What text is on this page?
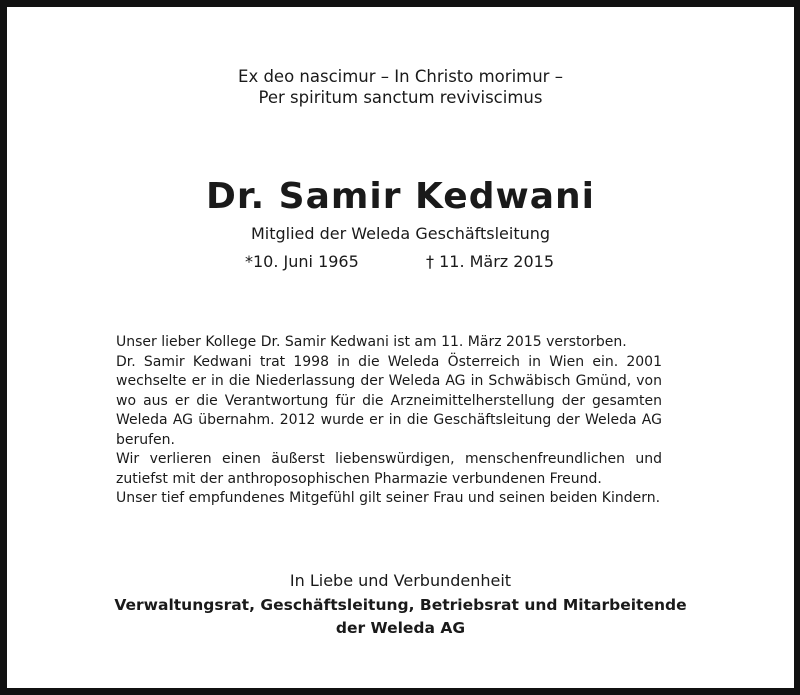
Ex deo nascimur – In Christo morimur –
Per spiritum sanctum reviviscimus
Dr. Samir Kedwani
Mitglied der Weleda Geschäftsleitung
*10. Juni 1965	† 11. März 2015

Unser lieber Kollege Dr. Samir Kedwani ist am 11. März 2015 verstorben.

Dr. Samir Kedwani trat 1998 in die Weleda Österreich in Wien ein. 2001 wechselte er in die Niederlassung der Weleda AG in Schwäbisch Gmünd, von wo aus er die Verantwortung für die Arzneimittelherstellung der gesamten Weleda AG übernahm. 2012 wurde er in die Geschäftsleitung der Weleda AG berufen.

Wir verlieren einen äußerst liebenswürdigen, menschenfreundlichen und zutiefst mit der anthroposophischen Pharmazie verbundenen Freund.

Unser tief empfundenes Mitgefühl gilt seiner Frau und seinen beiden Kindern.

In Liebe und Verbundenheit
Verwaltungsrat, Geschäftsleitung, Betriebsrat und Mitarbeitende
der Weleda AG
